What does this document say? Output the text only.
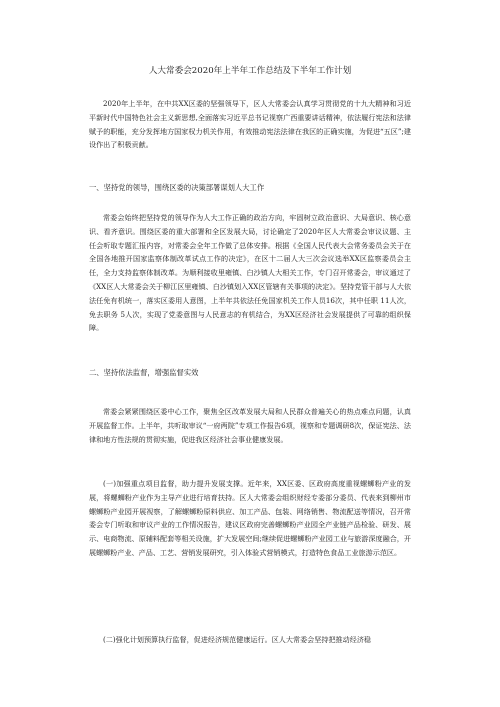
人大常委会2020年上半年工作总结及下半年工作计划

2020年上半年，在中共XX区委的坚强领导下，区人大常委会认真学习贯彻党的十九大精神和习近平新时代中国特色社会主义新思想,全面落实习近平总书记视察广西重要讲话精神，依法履行宪法和法律赋予的职能，充分发挥地方国家权力机关作用，有效推动宪法法律在我区的正确实施，为促进“五区”;建设作出了积极贡献。

一、坚持党的领导，围绕区委的决策部署谋划人大工作

常委会始终把坚持党的领导作为人大工作正确的政治方向，牢固树立政治意识、大局意识、核心意识、看齐意识。围绕区委的重大部署和全区发展大局，讨论确定了2020年区人大常委会审议议题、主任会听取专题汇报内容，对常委会全年工作做了总体安排。根据《全国人民代表大会常务委员会关于在全国各地推开国家监察体制改革试点工作的决定》，在区十二届人大三次会议选举XX区监察委员会主任，全力支持监察体制改革。为顺利接收里雍镇、白沙镇人大相关工作，专门召开常委会，审议通过了《XX区人大常委会关于柳江区里雍镇、白沙镇划入XX区管辖有关事项的决定》。坚持党管干部与人大依法任免有机统一，落实区委用人意图，上半年共依法任免国家机关工作人员16次，其中任职 11人次，免去职务 5人次，实现了党委意图与人民意志的有机结合，为XX区经济社会发展提供了可靠的组织保障。

二、坚持依法监督，增强监督实效

常委会紧紧围绕区委中心工作，聚焦全区改革发展大局和人民群众普遍关心的热点难点问题，认真开展监督工作。上半年，共听取审议“一府两院”专项工作报告6项，视察和专题调研8次，保证宪法、法律和地方性法规的贯彻实施，促进我区经济社会事业健康发展。

(一)加强重点项目监督，助力提升发展支撑。近年来，XX区委、区政府高度重视螺蛳粉产业的发展，将螺蛳粉产业作为主导产业进行培育扶持。区人大常委会组织财经专委部分委员、代表来到柳州市螺蛳粉产业园开展视察，了解螺蛳粉原料供应、加工产品、包装、网络销售、物流配送等情况，召开常委会专门听取和审议产业的工作情况报告，建议区政府完善螺蛳粉产业园全产业链产品检验、研发、展示、电商物流、原辅料配套等相关设施，扩大发展空间;继续促进螺蛳粉产业园工业与旅游深度融合，开展螺蛳粉产业、产品、工艺、营销发展研究，引入体验式营销模式，打造特色食品工业旅游示范区。

(二)强化计划预算执行监督，促进经济规范健康运行。区人大常委会坚持把推动经济稳
